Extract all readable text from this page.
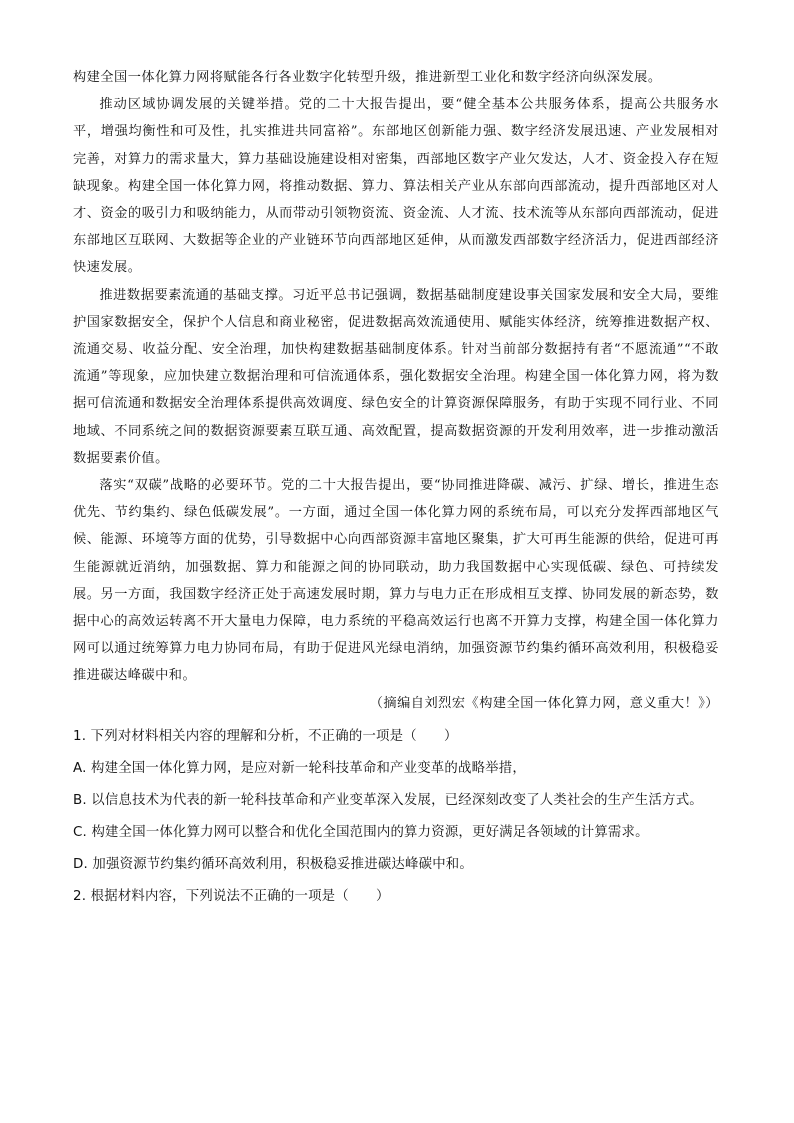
构建全国一体化算力网将赋能各行各业数字化转型升级，推进新型工业化和数字经济向纵深发展。

推动区域协调发展的关键举措。党的二十大报告提出，要“健全基本公共服务体系，提高公共服务水平，增强均衡性和可及性，扎实推进共同富裕”。东部地区创新能力强、数字经济发展迅速、产业发展相对完善，对算力的需求量大，算力基础设施建设相对密集，西部地区数字产业欠发达，人才、资金投入存在短缺现象。构建全国一体化算力网，将推动数据、算力、算法相关产业从东部向西部流动，提升西部地区对人才、资金的吸引力和吸纳能力，从而带动引领物资流、资金流、人才流、技术流等从东部向西部流动，促进东部地区互联网、大数据等企业的产业链环节向西部地区延伸，从而激发西部数字经济活力，促进西部经济快速发展。

推进数据要素流通的基础支撑。习近平总书记强调，数据基础制度建设事关国家发展和安全大局，要维护国家数据安全，保护个人信息和商业秘密，促进数据高效流通使用、赋能实体经济，统筹推进数据产权、流通交易、收益分配、安全治理，加快构建数据基础制度体系。针对当前部分数据持有者“不愿流通”“不敢流通”等现象，应加快建立数据治理和可信流通体系，强化数据安全治理。构建全国一体化算力网，将为数据可信流通和数据安全治理体系提供高效调度、绿色安全的计算资源保障服务，有助于实现不同行业、不同地域、不同系统之间的数据资源要素互联互通、高效配置，提高数据资源的开发利用效率，进一步推动激活数据要素价值。

落实“双碳”战略的必要环节。党的二十大报告提出，要“协同推进降碳、减污、扩绿、增长，推进生态优先、节约集约、绿色低碳发展”。一方面，通过全国一体化算力网的系统布局，可以充分发挥西部地区气候、能源、环境等方面的优势，引导数据中心向西部资源丰富地区聚集，扩大可再生能源的供给，促进可再生能源就近消纳，加强数据、算力和能源之间的协同联动，助力我国数据中心实现低碳、绿色、可持续发展。另一方面，我国数字经济正处于高速发展时期，算力与电力正在形成相互支撑、协同发展的新态势，数据中心的高效运转离不开大量电力保障，电力系统的平稳高效运行也离不开算力支撑，构建全国一体化算力网可以通过统筹算力电力协同布局，有助于促进风光绿电消纳，加强资源节约集约循环高效利用，积极稳妥推进碳达峰碳中和。

（摘编自刘烈宏《构建全国一体化算力网，意义重大！》）

1. 下列对材料相关内容的理解和分析，不正确的一项是（　　）

A. 构建全国一体化算力网，是应对新一轮科技革命和产业变革的战略举措，

B. 以信息技术为代表的新一轮科技革命和产业变革深入发展，已经深刻改变了人类社会的生产生活方式。

C. 构建全国一体化算力网可以整合和优化全国范围内的算力资源，更好满足各领域的计算需求。

D. 加强资源节约集约循环高效利用，积极稳妥推进碳达峰碳中和。

2. 根据材料内容，下列说法不正确的一项是（　　）
